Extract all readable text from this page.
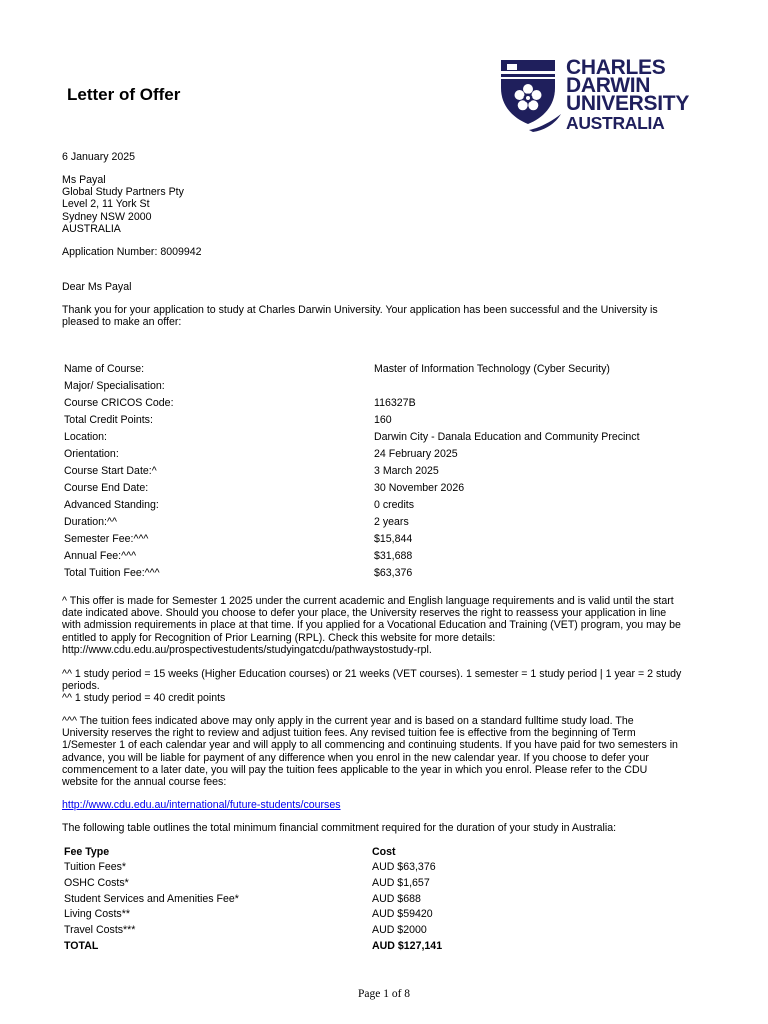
Letter of Offer
CHARLES
DARWIN
UNIVERSITY
AUSTRALIA
6 January 2025
Ms Payal
Global Study Partners Pty
Level 2, 11 York St
Sydney NSW 2000
AUSTRALIA
Application Number: 8009942
Dear Ms Payal
Thank you for your application to study at Charles Darwin University. Your application has been successful and the University is
pleased to make an offer:
Name of Course:	Master of Information Technology (Cyber Security)
Major/ Specialisation:	
Course CRICOS Code:	116327B
Total Credit Points:	160
Location:	Darwin City - Danala Education and Community Precinct
Orientation:	24 February 2025
Course Start Date:^	3 March 2025
Course End Date:	30 November 2026
Advanced Standing:	0 credits
Duration:^^	2 years
Semester Fee:^^^	$15,844
Annual Fee:^^^	$31,688
Total Tuition Fee:^^^	$63,376
^ This offer is made for Semester 1 2025 under the current academic and English language requirements and is valid until the start
date indicated above. Should you choose to defer your place, the University reserves the right to reassess your application in line
with admission requirements in place at that time. If you applied for a Vocational Education and Training (VET) program, you may be
entitled to apply for Recognition of Prior Learning (RPL). Check this website for more details:
http://www.cdu.edu.au/prospectivestudents/studyingatcdu/pathwaystostudy-rpl.
^^ 1 study period = 15 weeks (Higher Education courses) or 21 weeks (VET courses). 1 semester = 1 study period | 1 year = 2 study
periods.
^^ 1 study period = 40 credit points
^^^ The tuition fees indicated above may only apply in the current year and is based on a standard fulltime study load. The
University reserves the right to review and adjust tuition fees. Any revised tuition fee is effective from the beginning of Term
1/Semester 1 of each calendar year and will apply to all commencing and continuing students. If you have paid for two semesters in
advance, you will be liable for payment of any difference when you enrol in the new calendar year. If you choose to defer your
commencement to a later date, you will pay the tuition fees applicable to the year in which you enrol. Please refer to the CDU
website for the annual course fees:
http://www.cdu.edu.au/international/future-students/courses
The following table outlines the total minimum financial commitment required for the duration of your study in Australia:
Fee Type	Cost
Tuition Fees*	AUD $63,376
OSHC Costs*	AUD $1,657
Student Services and Amenities Fee*	AUD $688
Living Costs**	AUD $59420
Travel Costs***	AUD $2000
TOTAL	AUD $127,141
Page 1 of 8
